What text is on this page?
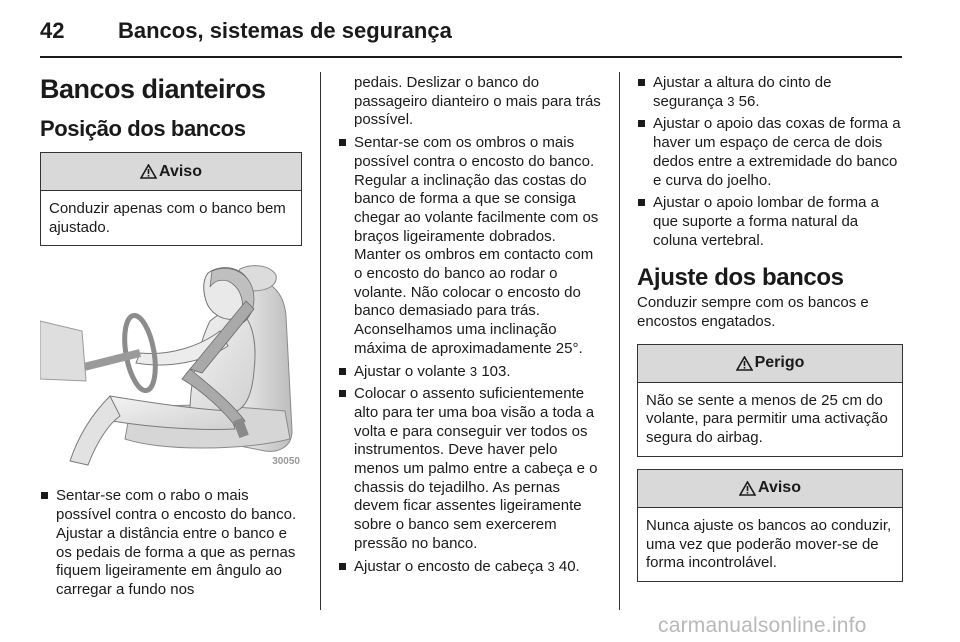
42 Bancos, sistemas de segurança
Bancos dianteiros
Posição dos bancos
Aviso
Conduzir apenas com o banco bem ajustado.
30050
Sentar-se com o rabo o mais possível contra o encosto do banco. Ajustar a distância entre o banco e os pedais de forma a que as pernas fiquem ligeiramente em ângulo ao carregar a fundo nos

pedais. Deslizar o banco do passageiro dianteiro o mais para trás possível.

Sentar-se com os ombros o mais possível contra o encosto do banco. Regular a inclinação das costas do banco de forma a que se consiga chegar ao volante facilmente com os braços ligeiramente dobrados. Manter os ombros em contacto com o encosto do banco ao rodar o volante. Não colocar o encosto do banco demasiado para trás. Aconselhamos uma inclinação máxima de aproximadamente 25°.
Ajustar o volante 3 103.
Colocar o assento suficientemente alto para ter uma boa visão a toda a volta e para conseguir ver todos os instrumentos. Deve haver pelo menos um palmo entre a cabeça e o chassis do tejadilho. As pernas devem ficar assentes ligeiramente sobre o banco sem exercerem pressão no banco.
Ajustar o encosto de cabeça 3 40.
Ajustar a altura do cinto de segurança 3 56.
Ajustar o apoio das coxas de forma a haver um espaço de cerca de dois dedos entre a extremidade do banco e curva do joelho.
Ajustar o apoio lombar de forma a que suporte a forma natural da coluna vertebral.
Ajuste dos bancos

Conduzir sempre com os bancos e encostos engatados.

Perigo
Não se sente a menos de 25 cm do volante, para permitir uma activação segura do airbag.
Aviso
Nunca ajuste os bancos ao conduzir, uma vez que poderão mover-se de forma incontrolável.
carmanualsonline.info
